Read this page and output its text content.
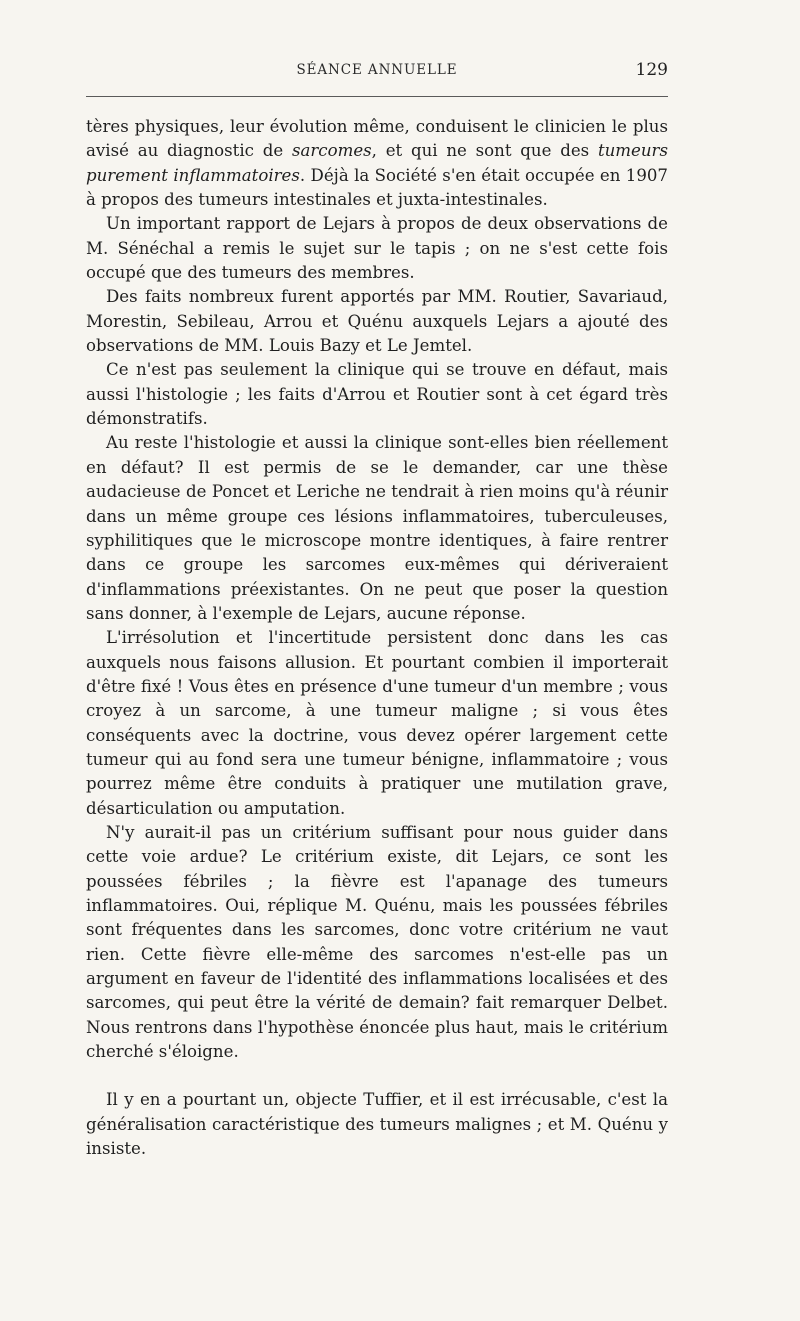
SÉANCE ANNUELLE	129

tères physiques, leur évolution même, conduisent le clinicien le plus avisé au diagnostic de sarcomes, et qui ne sont que des tumeurs purement inflammatoires. Déjà la Société s'en était occupée en 1907 à propos des tumeurs intestinales et juxta-intestinales.

Un important rapport de Lejars à propos de deux observations de M. Sénéchal a remis le sujet sur le tapis ; on ne s'est cette fois occupé que des tumeurs des membres.

Des faits nombreux furent apportés par MM. Routier, Savariaud, Morestin, Sebileau, Arrou et Quénu auxquels Lejars a ajouté des observations de MM. Louis Bazy et Le Jemtel.

Ce n'est pas seulement la clinique qui se trouve en défaut, mais aussi l'histologie ; les faits d'Arrou et Routier sont à cet égard très démonstratifs.

Au reste l'histologie et aussi la clinique sont-elles bien réellement en défaut? Il est permis de se le demander, car une thèse audacieuse de Poncet et Leriche ne tendrait à rien moins qu'à réunir dans un même groupe ces lésions inflammatoires, tuberculeuses, syphilitiques que le microscope montre identiques, à faire rentrer dans ce groupe les sarcomes eux-mêmes qui dériveraient d'inflammations préexistantes. On ne peut que poser la question sans donner, à l'exemple de Lejars, aucune réponse.

L'irrésolution et l'incertitude persistent donc dans les cas auxquels nous faisons allusion. Et pourtant combien il importerait d'être fixé ! Vous êtes en présence d'une tumeur d'un membre ; vous croyez à un sarcome, à une tumeur maligne ; si vous êtes conséquents avec la doctrine, vous devez opérer largement cette tumeur qui au fond sera une tumeur bénigne, inflammatoire ; vous pourrez même être conduits à pratiquer une mutilation grave, désarticulation ou amputation.

N'y aurait-il pas un critérium suffisant pour nous guider dans cette voie ardue? Le critérium existe, dit Lejars, ce sont les poussées fébriles ; la fièvre est l'apanage des tumeurs inflammatoires. Oui, réplique M. Quénu, mais les poussées fébriles sont fréquentes dans les sarcomes, donc votre critérium ne vaut rien. Cette fièvre elle-même des sarcomes n'est-elle pas un argument en faveur de l'identité des inflammations localisées et des sarcomes, qui peut être la vérité de demain? fait remarquer Delbet. Nous rentrons dans l'hypothèse énoncée plus haut, mais le critérium cherché s'éloigne.

Il y en a pourtant un, objecte Tuffier, et il est irrécusable, c'est la généralisation caractéristique des tumeurs malignes ; et M. Quénu y insiste.
